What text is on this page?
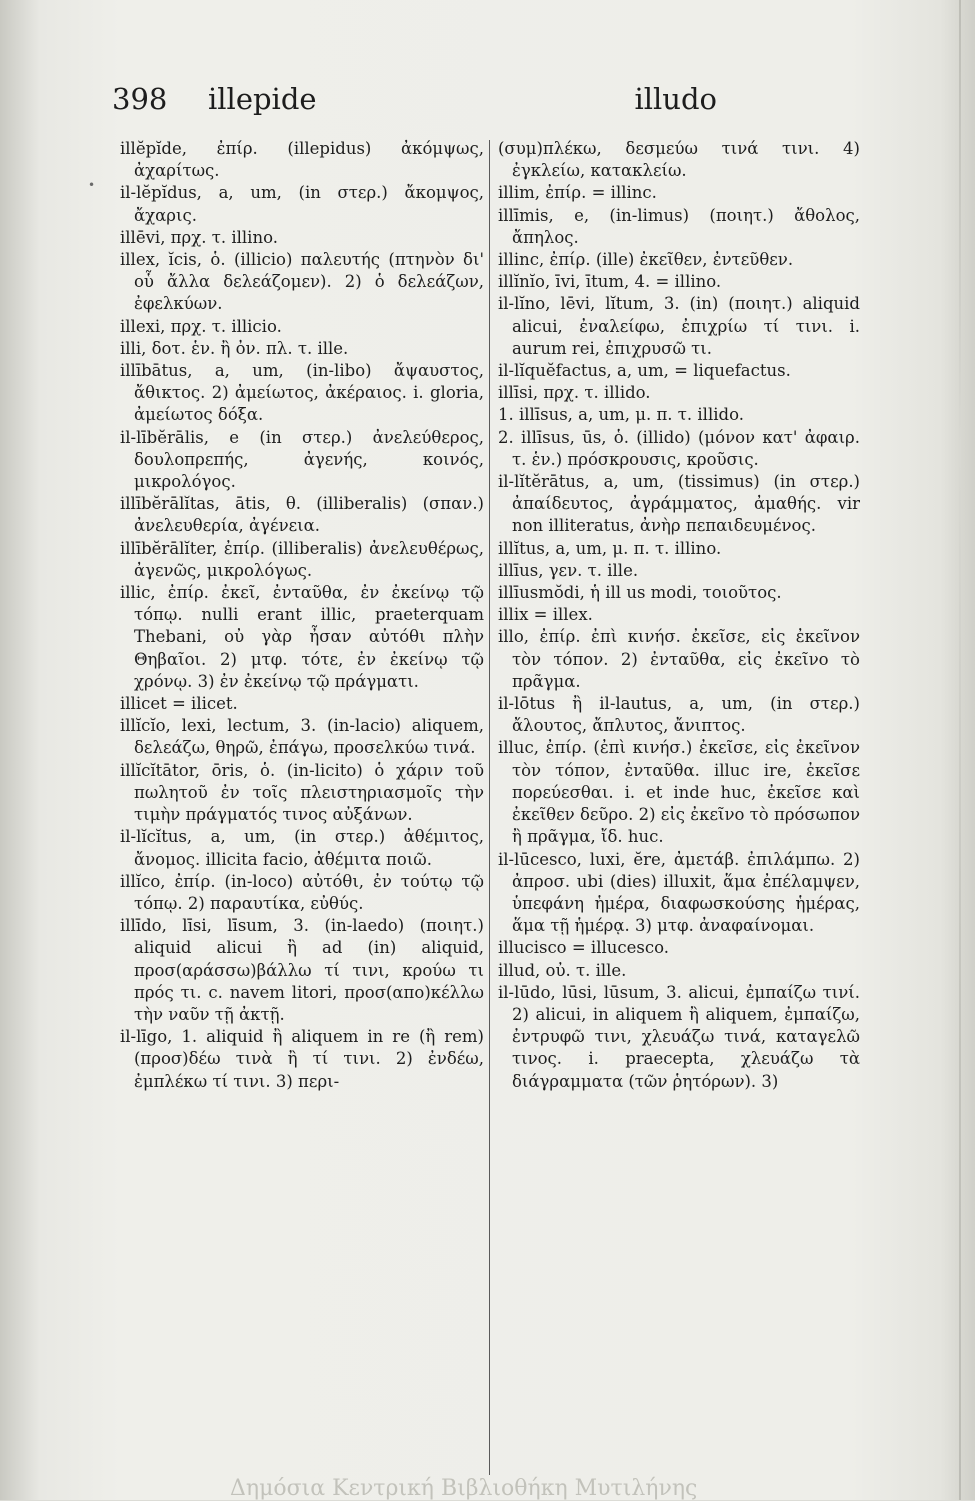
398 illepide	illudo
illĕpĭde, ἐπίρ. (illepidus) ἀκόμψως, ἀχαρίτως.
il-lĕpĭdus, a, um, (in στερ.) ἄκομψος, ἄχαρις.
illēvi, πρχ. τ. illino.
illex, ĭcis, ὁ. (illicio) παλευτής (πτηνὸν δι' οὗ ἄλλα δελεάζομεν). 2) ὁ δελεάζων, ἐφελκύων.
illexi, πρχ. τ. illicio.
illi, δοτ. ἑν. ἢ ὀν. πλ. τ. ille.
illībātus, a, um, (in-libo) ἄψαυστος, ἄθικτος. 2) ἀμείωτος, ἀκέραιος. i. gloria, ἀμείωτος δόξα.
il-lībĕrālis, e (in στερ.) ἀνελεύθερος, δουλοπρεπής, ἀγενής, κοινός, μικρολόγος.
illībĕrālĭtas, ātis, θ. (illiberalis) (σπαν.) ἀνελευθερία, ἀγένεια.
illībĕrālĭter, ἐπίρ. (illiberalis) ἀνελευθέρως, ἀγενῶς, μικρολόγως.
illic, ἐπίρ. ἐκεῖ, ἐνταῦθα, ἐν ἐκείνῳ τῷ τόπῳ. nulli erant illic, praeterquam Thebani, οὐ γὰρ ἦσαν αὐτόθι πλὴν Θηβαῖοι. 2) μτφ. τότε, ἐν ἐκείνῳ τῷ χρόνῳ. 3) ἐν ἐκείνῳ τῷ πράγματι.
illicet = ilicet.
illĭcĭo, lexi, lectum, 3. (in-lacio) aliquem, δελεάζω, θηρῶ, ἐπάγω, προσελκύω τινά.
illĭcĭtātor, ōris, ὁ. (in-licito) ὁ χάριν τοῦ πωλητοῦ ἐν τοῖς πλειστηριασμοῖς τὴν τιμὴν πράγματός τινος αὐξάνων.
il-lĭcĭtus, a, um, (in στερ.) ἀθέμιτος, ἄνομος. illicita facio, ἀθέμιτα ποιῶ.
illĭco, ἐπίρ. (in-loco) αὐτόθι, ἐν τούτῳ τῷ τόπῳ. 2) παραυτίκα, εὐθύς.
illīdo, līsi, līsum, 3. (in-laedo) (ποιητ.) aliquid alicui ἢ ad (in) aliquid, προσ(αράσσω)βάλλω τί τινι, κρούω τι πρός τι. c. navem litori, προσ(απο)κέλλω τὴν ναῦν τῇ ἀκτῇ.
il-līgo, 1. aliquid ἢ aliquem in re (ἢ rem) (προσ)δέω τινὰ ἢ τί τινι. 2) ἐνδέω, ἐμπλέκω τί τινι. 3) περι-
(συμ)πλέκω, δεσμεύω τινά τινι. 4) ἐγκλείω, κατακλείω.
illim, ἐπίρ. = illinc.
illīmis, e, (in-limus) (ποιητ.) ἄθολος, ἄπηλος.
illinc, ἐπίρ. (ille) ἐκεῖθεν, ἐντεῦθεν.
illĭnĭo, īvi, ītum, 4. = illino.
il-lĭno, lēvi, lĭtum, 3. (in) (ποιητ.) aliquid alicui, ἐναλείφω, ἐπιχρίω τί τινι. i. aurum rei, ἐπιχρυσῶ τι.
il-lĭquĕfactus, a, um, = liquefactus.
illīsi, πρχ. τ. illido.
1. illīsus, a, um, μ. π. τ. illido.
2. illīsus, ūs, ὁ. (illido) (μόνον κατ' ἀφαιρ. τ. ἑν.) πρόσκρουσις, κροῦσις.
il-lĭtĕrātus, a, um, (tissimus) (in στερ.) ἀπαίδευτος, ἀγράμματος, ἀμαθής. vir non illiteratus, ἀνὴρ πεπαιδευμένος.
illĭtus, a, um, μ. π. τ. illino.
illīus, γεν. τ. ille.
illīusmŏdi, ἡ ill us modi, τοιοῦτος.
illix = illex.
illo, ἐπίρ. ἐπὶ κινήσ. ἐκεῖσε, εἰς ἐκεῖνον τὸν τόπον. 2) ἐνταῦθα, εἰς ἐκεῖνο τὸ πρᾶγμα.
il-lōtus ἢ il-lautus, a, um, (in στερ.) ἄλουτος, ἄπλυτος, ἄνιπτος.
illuc, ἐπίρ. (ἐπὶ κινήσ.) ἐκεῖσε, εἰς ἐκεῖνον τὸν τόπον, ἐνταῦθα. illuc ire, ἐκεῖσε πορεύεσθαι. i. et inde huc, ἐκεῖσε καὶ ἐκεῖθεν δεῦρο. 2) εἰς ἐκεῖνο τὸ πρόσωπον ἢ πρᾶγμα, ἴδ. huc.
il-lūcesco, luxi, ĕre, ἀμετάβ. ἐπιλάμπω. 2) ἀπροσ. ubi (dies) illuxit, ἅμα ἐπέλαμψεν, ὑπεφάνη ἡμέρα, διαφωσκούσης ἡμέρας, ἅμα τῇ ἡμέρᾳ. 3) μτφ. ἀναφαίνομαι.
illucisco = illucesco.
illud, οὐ. τ. ille.
il-lūdo, lūsi, lūsum, 3. alicui, ἐμπαίζω τινί. 2) alicui, in aliquem ἢ aliquem, ἐμπαίζω, ἐντρυφῶ τινι, χλευάζω τινά, καταγελῶ τινος. i. praecepta, χλευάζω τὰ διάγραμματα (τῶν ῥητόρων). 3)
•
Δημόσια Κεντρική Βιβλιοθήκη Μυτιλήνης
